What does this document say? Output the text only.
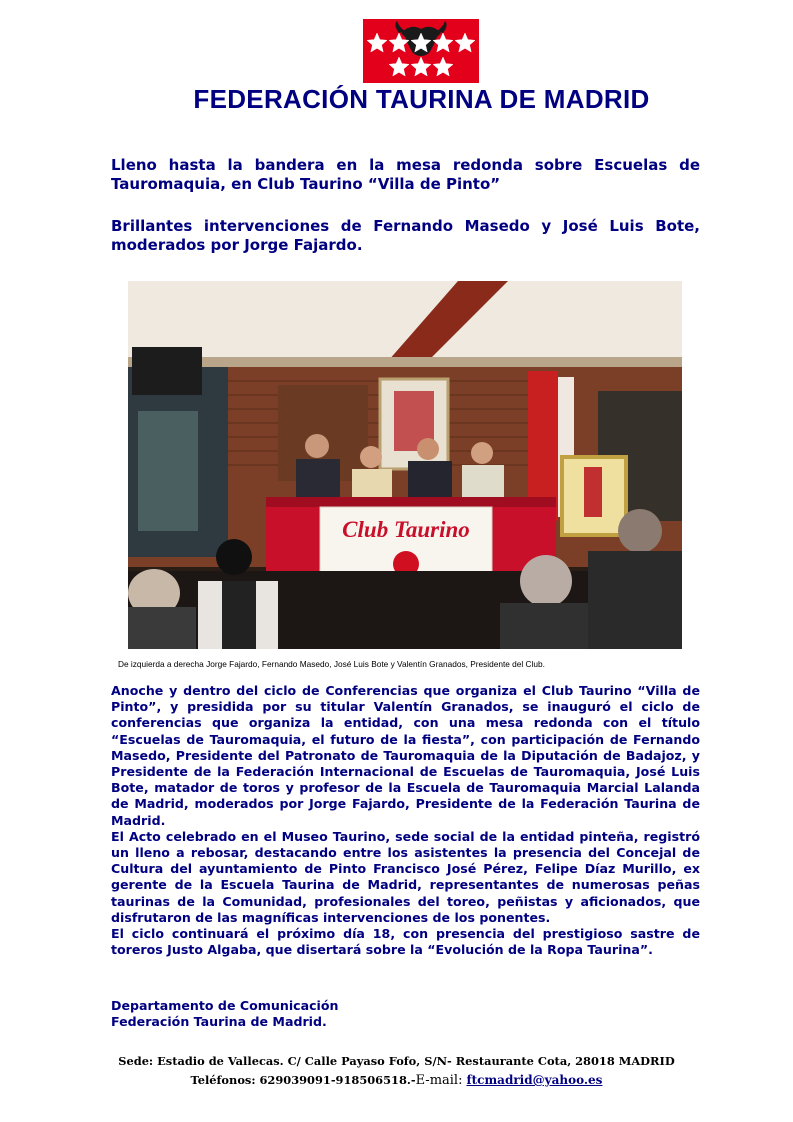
FEDERACIÓN TAURINA DE MADRID

Lleno hasta la bandera en la mesa redonda sobre Escuelas de Tauromaquia, en Club Taurino “Villa de Pinto”

Brillantes intervenciones de Fernando Masedo y José Luis Bote, moderados por Jorge Fajardo.

Club Taurino

De izquierda a derecha Jorge Fajardo, Fernando Masedo, José Luis Bote y Valentín Granados, Presidente del Club.

Anoche y dentro del ciclo de Conferencias que organiza el Club Taurino “Villa de Pinto”, y presidida por su titular Valentín Granados, se inauguró el ciclo de conferencias que organiza la entidad, con una mesa redonda con el título “Escuelas de Tauromaquia, el futuro de la fiesta”, con participación de Fernando Masedo, Presidente del Patronato de Tauromaquia de la Diputación de Badajoz, y Presidente de la Federación Internacional de Escuelas de Tauromaquia, José Luis Bote, matador de toros y profesor de la Escuela de Tauromaquia Marcial Lalanda de Madrid, moderados por Jorge Fajardo, Presidente de la Federación Taurina de Madrid.

El Acto celebrado en el Museo Taurino, sede social de la entidad pinteña, registró un lleno a rebosar, destacando entre los asistentes la presencia del Concejal de Cultura del ayuntamiento de Pinto Francisco José Pérez, Felipe Díaz Murillo, ex gerente de la Escuela Taurina de Madrid, representantes de numerosas peñas taurinas de la Comunidad, profesionales del toreo, peñistas y aficionados, que disfrutaron de las magníficas intervenciones de los ponentes.

El ciclo continuará el próximo día 18, con presencia del prestigioso sastre de toreros Justo Algaba, que disertará sobre la “Evolución de la Ropa Taurina”.

Departamento de Comunicación

Federación Taurina de Madrid.

Sede: Estadio de Vallecas. C/ Calle Payaso Fofo, S/N- Restaurante Cota, 28018 MADRID

Teléfonos: 629039091-918506518.-E-mail: ftcmadrid@yahoo.es
